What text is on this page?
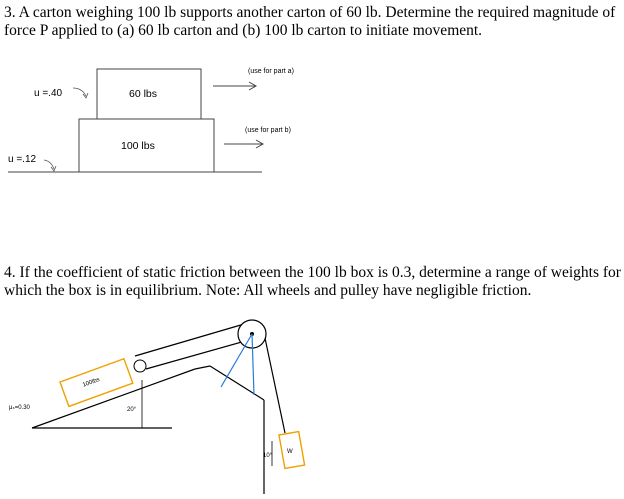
3. A carton weighing 100 lb supports another carton of 60 lb. Determine the required magnitude of force P applied to (a) 60 lb carton and (b) 100 lb carton to initiate movement.

60 lbs
100 lbs
u =.40
u =.12
(use for part a)
(use for part b)

4. If the coefficient of static friction between the 100 lb box is 0.3, determine a range of weights for which the box is in equilibrium. Note: All wheels and pulley have negligible friction.

100lbs
μₛ=0.30	20°
10°
W
